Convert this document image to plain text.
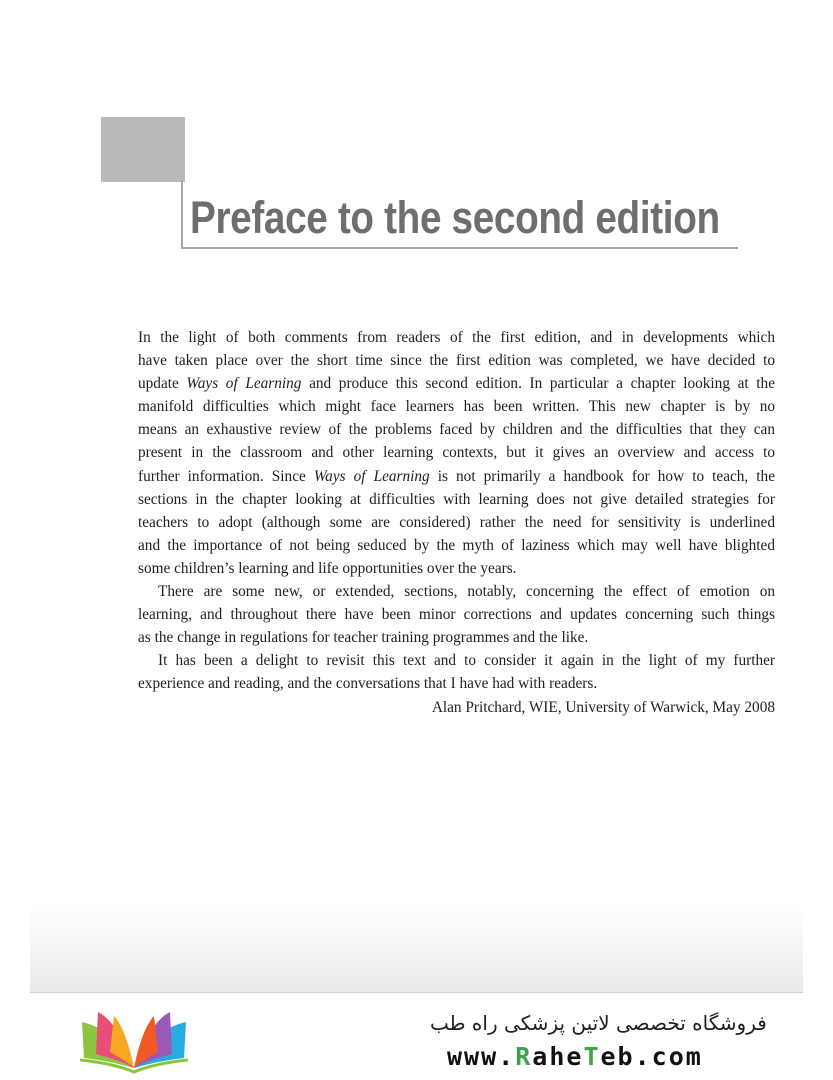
Preface to the second edition
In the light of both comments from readers of the first edition, and in developments which
have taken place over the short time since the first edition was completed, we have decided to
update Ways of Learning and produce this second edition. In particular a chapter looking at the
manifold difficulties which might face learners has been written. This new chapter is by no
means an exhaustive review of the problems faced by children and the difficulties that they can
present in the classroom and other learning contexts, but it gives an overview and access to
further information. Since Ways of Learning is not primarily a handbook for how to teach, the
sections in the chapter looking at difficulties with learning does not give detailed strategies for
teachers to adopt (although some are considered) rather the need for sensitivity is underlined
and the importance of not being seduced by the myth of laziness which may well have blighted
some children’s learning and life opportunities over the years.
There are some new, or extended, sections, notably, concerning the effect of emotion on
learning, and throughout there have been minor corrections and updates concerning such things
as the change in regulations for teacher training programmes and the like.
It has been a delight to revisit this text and to consider it again in the light of my further
experience and reading, and the conversations that I have had with readers.

Alan Pritchard, WIE, University of Warwick, May 2008

فروشگاه تخصصی لاتین پزشکی راه طب
www.RaheTeb.com
